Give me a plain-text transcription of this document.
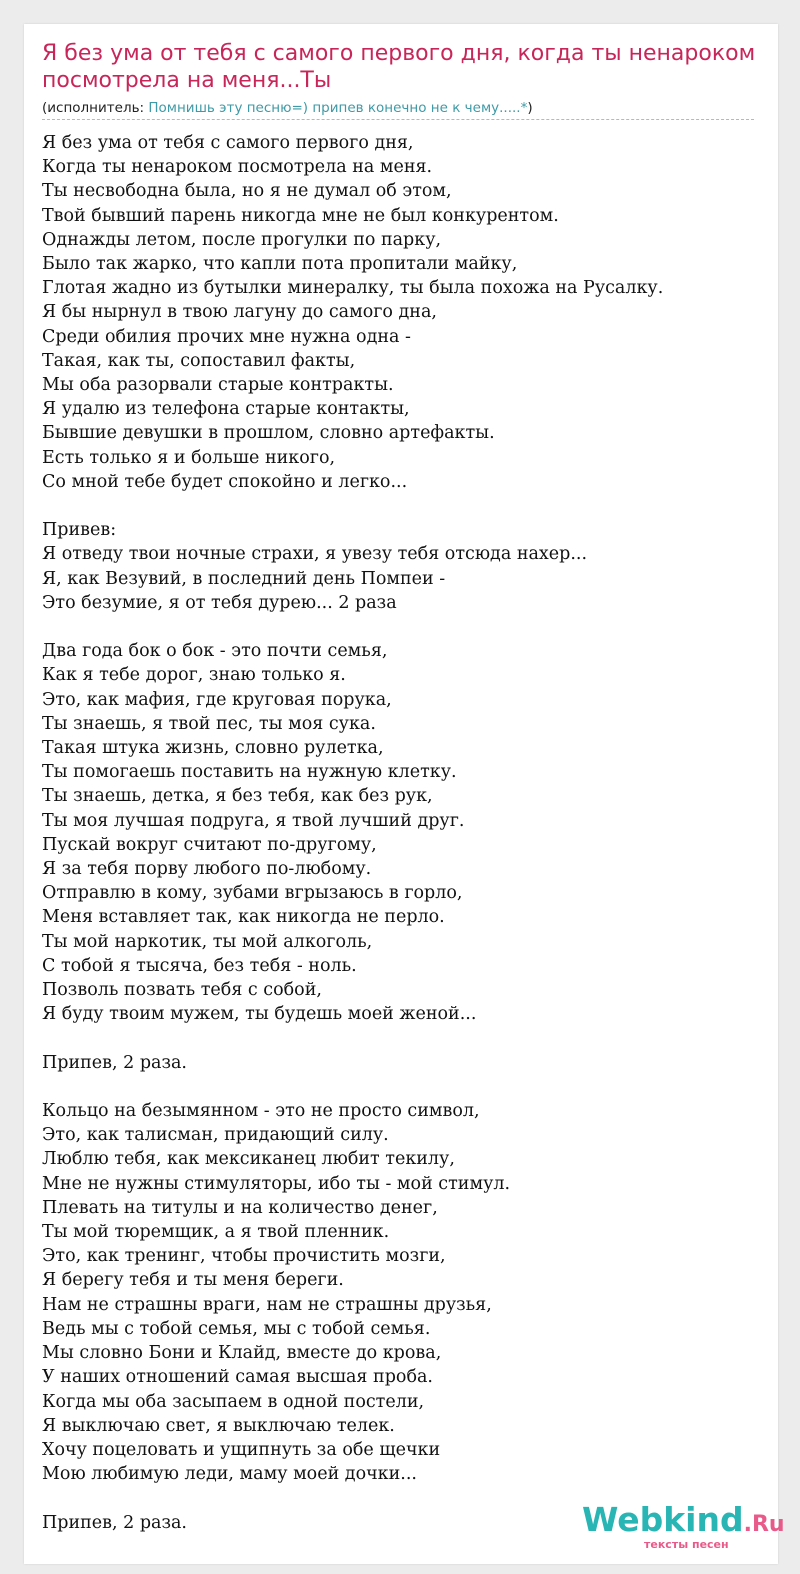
Я без ума от тебя с самого первого дня, когда ты ненароком посмотрела на меня...Ты
(исполнитель: Помнишь эту песню=) припев конечно не к чему.....*)
Я без ума от тебя с самого первого дня,
Когда ты ненароком посмотрела на меня.
Ты несвободна была, но я не думал об этом,
Твой бывший парень никогда мне не был конкурентом.
Однажды летом, после прогулки по парку,
Было так жарко, что капли пота пропитали майку,
Глотая жадно из бутылки минералку, ты была похожа на Русалку.
Я бы нырнул в твою лагуну до самого дна,
Среди обилия прочих мне нужна одна -
Такая, как ты, сопоставил факты,
Мы оба разорвали старые контракты.
Я удалю из телефона старые контакты,
Бывшие девушки в прошлом, словно артефакты.
Есть только я и больше никого,
Со мной тебе будет спокойно и легко...
Привев:
Я отведу твои ночные страхи, я увезу тебя отсюда нахер...
Я, как Везувий, в последний день Помпеи -
Это безумие, я от тебя дурею... 2 раза
Два года бок о бок - это почти семья,
Как я тебе дорог, знаю только я.
Это, как мафия, где круговая порука,
Ты знаешь, я твой пес, ты моя сука.
Такая штука жизнь, словно рулетка,
Ты помогаешь поставить на нужную клетку.
Ты знаешь, детка, я без тебя, как без рук,
Ты моя лучшая подруга, я твой лучший друг.
Пускай вокруг считают по-другому,
Я за тебя порву любого по-любому.
Отправлю в кому, зубами вгрызаюсь в горло,
Меня вставляет так, как никогда не перло.
Ты мой наркотик, ты мой алкоголь,
С тобой я тысяча, без тебя - ноль.
Позволь позвать тебя с собой,
Я буду твоим мужем, ты будешь моей женой...
Припев, 2 раза.
Кольцо на безымянном - это не просто символ,
Это, как талисман, придающий силу.
Люблю тебя, как мексиканец любит текилу,
Мне не нужны стимуляторы, ибо ты - мой стимул.
Плевать на титулы и на количество денег,
Ты мой тюремщик, а я твой пленник.
Это, как тренинг, чтобы прочистить мозги,
Я берегу тебя и ты меня береги.
Нам не страшны враги, нам не страшны друзья,
Ведь мы с тобой семья, мы с тобой семья.
Мы словно Бони и Клайд, вместе до крова,
У наших отношений самая высшая проба.
Когда мы оба засыпаем в одной постели,
Я выключаю свет, я выключаю телек.
Хочу поцеловать и ущипнуть за обе щечки
Мою любимую леди, маму моей дочки...
Припев, 2 раза.	Webkind.Ru
тексты песен
